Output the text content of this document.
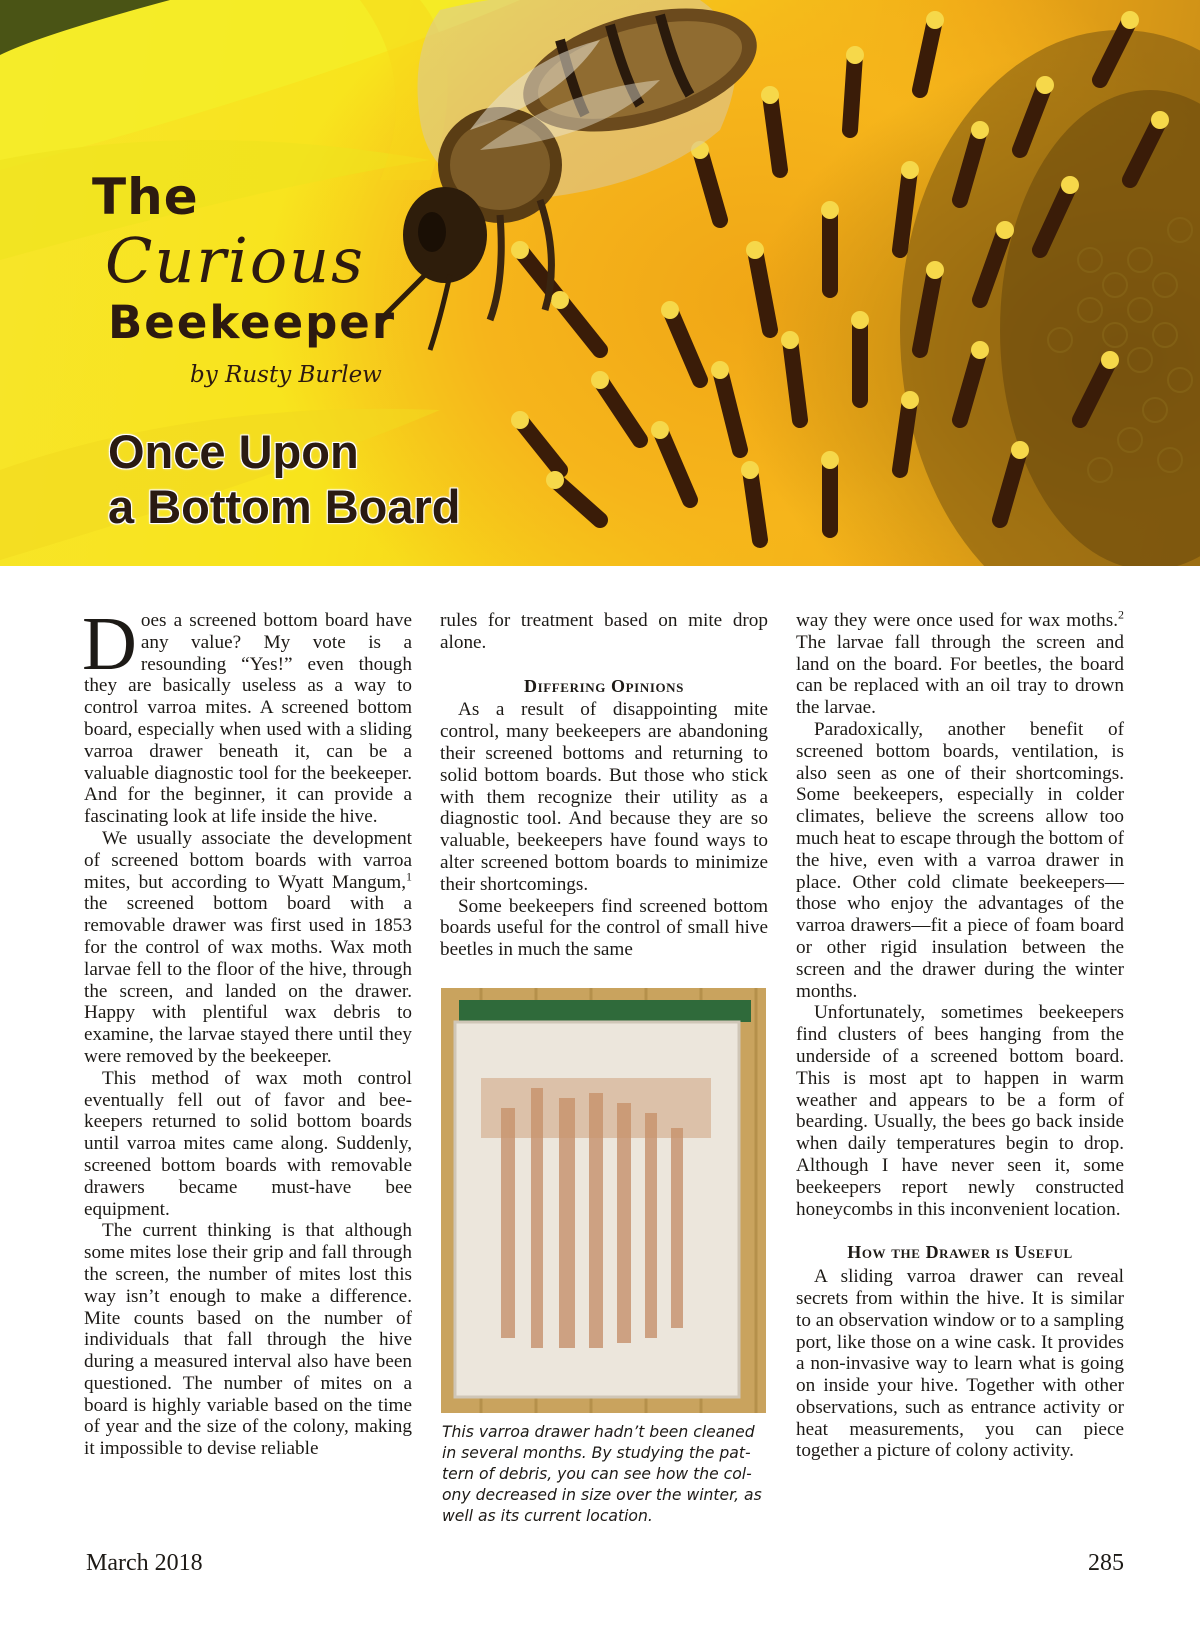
The

Curious

Beekeeper

by Rusty Burlew

Once Upon
a Bottom Board

Does a screened bottom board have any value? My vote is a resounding “Yes!” even though they are basically useless as a way to control varroa mites. A screened bottom board, especially when used with a sliding varroa drawer beneath it, can be a valuable diagnostic tool for the beekeeper. And for the beginner, it can provide a fascinating look at life inside the hive.

We usually associate the development of screened bottom boards with varroa mites, but according to Wyatt Mangum,$^1$ the screened bottom board with a removable drawer was first used in 1853 for the control of wax moths. Wax moth larvae fell to the floor of the hive, through the screen, and landed on the drawer. Happy with plentiful wax debris to examine, the larvae stayed there until they were removed by the beekeeper.

This method of wax moth control eventually fell out of favor and beekeepers returned to solid bottom boards until varroa mites came along. Suddenly, screened bottom boards with removable drawers became must-have bee equipment.

The current thinking is that although some mites lose their grip and fall through the screen, the number of mites lost this way isn’t enough to make a difference. Mite counts based on the number of individuals that fall through the hive during a measured interval also have been questioned. The number of mites on a board is highly variable based on the time of year and the size of the colony, making it impossible to devise reliable

rules for treatment based on mite drop alone.

Differing Opinions

As a result of disappointing mite control, many beekeepers are abandoning their screened bottoms and returning to solid bottom boards. But those who stick with them recognize their utility as a diagnostic tool. And because they are so valuable, beekeepers have found ways to alter screened bottom boards to minimize their shortcomings.

Some beekeepers find screened bottom boards useful for the control of small hive beetles in much the same

This varroa drawer hadn’t been cleaned in several months. By studying the pattern of debris, you can see how the colony decreased in size over the winter, as well as its current location.

way they were once used for wax moths.$^2$ The larvae fall through the screen and land on the board. For beetles, the board can be replaced with an oil tray to drown the larvae.

Paradoxically, another benefit of screened bottom boards, ventilation, is also seen as one of their shortcomings. Some beekeepers, especially in colder climates, believe the screens allow too much heat to escape through the bottom of the hive, even with a varroa drawer in place. Other cold climate beekeepers—those who enjoy the advantages of the varroa drawers—fit a piece of foam board or other rigid insulation between the screen and the drawer during the winter months.

Unfortunately, sometimes beekeepers find clusters of bees hanging from the underside of a screened bottom board. This is most apt to happen in warm weather and appears to be a form of bearding. Usually, the bees go back inside when daily temperatures begin to drop. Although I have never seen it, some beekeepers report newly constructed honeycombs in this inconvenient location.

How the Drawer is Useful

A sliding varroa drawer can reveal secrets from within the hive. It is similar to an observation window or to a sampling port, like those on a wine cask. It provides a non-invasive way to learn what is going on inside your hive. Together with other observations, such as entrance activity or heat measurements, you can piece together a picture of colony activity.

March 2018	285
